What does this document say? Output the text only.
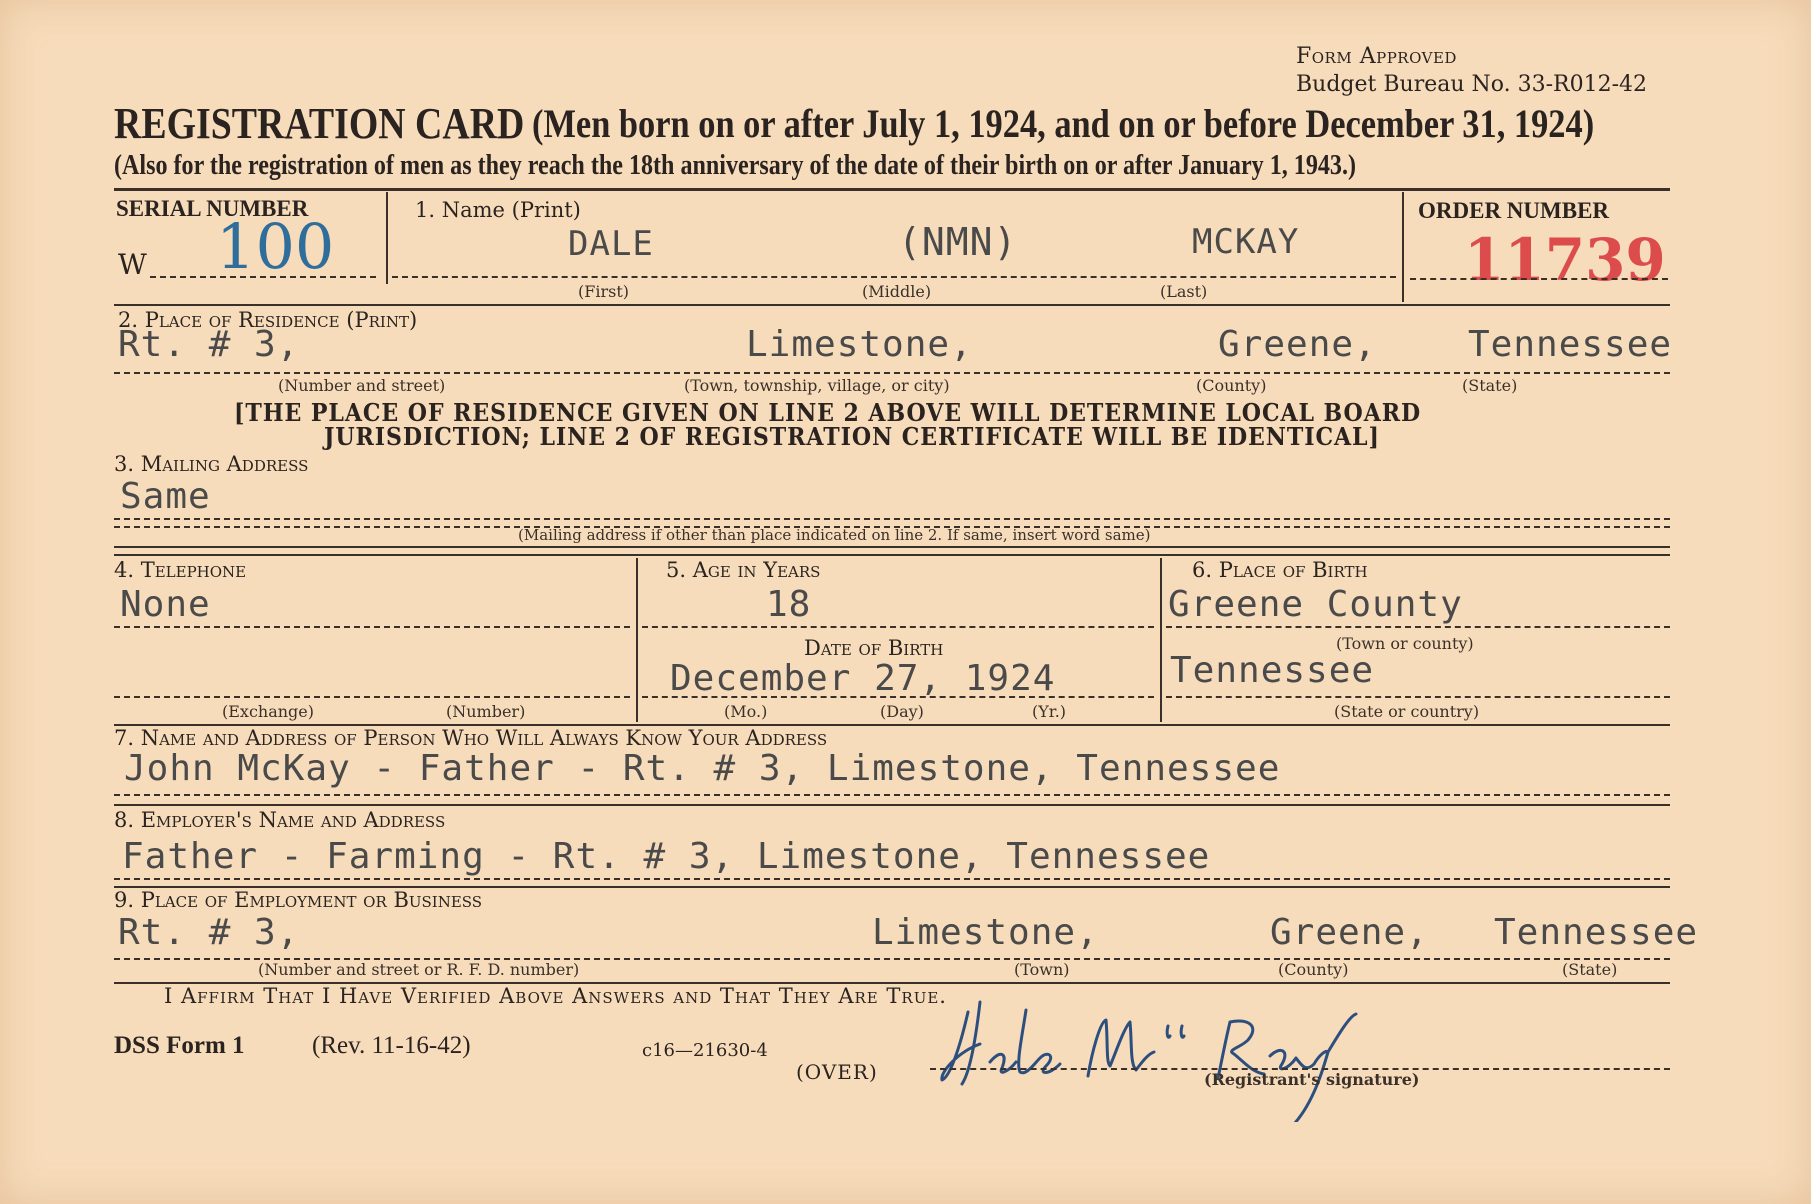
Form Approved
Budget Bureau No. 33-R012-42
REGISTRATION CARD (Men born on or after July 1, 1924, and on or before December 31, 1924)
(Also for the registration of men as they reach the 18th anniversary of the date of their birth on or after January 1, 1943.)
SERIAL NUMBER
W 100	1. Name (Print)
DALE	(NMN)	MCKAY
(First)	(Middle)	(Last)
ORDER NUMBER
11739
2. Place of Residence (Print)
Rt. # 3,	Limestone,	Greene,	Tennessee
(Number and street)	(Town, township, village, or city)	(County)	(State)
[THE PLACE OF RESIDENCE GIVEN ON LINE 2 ABOVE WILL DETERMINE LOCAL BOARD
JURISDICTION; LINE 2 OF REGISTRATION CERTIFICATE WILL BE IDENTICAL]
3. Mailing Address
Same
(Mailing address if other than place indicated on line 2. If same, insert word same)
4. Telephone
None
(Exchange)	(Number)
5. Age in Years
18
Date of Birth
December 27, 1924
(Mo.)	(Day)	(Yr.)
6. Place of Birth
Greene County
(Town or county)
Tennessee
(State or country)
7. Name and Address of Person Who Will Always Know Your Address
John McKay - Father - Rt. # 3, Limestone, Tennessee
8. Employer's Name and Address
Father - Farming - Rt. # 3, Limestone, Tennessee
9. Place of Employment or Business
Rt. # 3,	Limestone,	Greene, Tennessee
(Number and street or R. F. D. number)	(Town)	(County)	(State)
I Affirm That I Have Verified Above Answers and That They Are True.
DSS Form 1	(Rev. 11-16-42)	c16—21630-4
(OVER)	(Registrant's signature)
